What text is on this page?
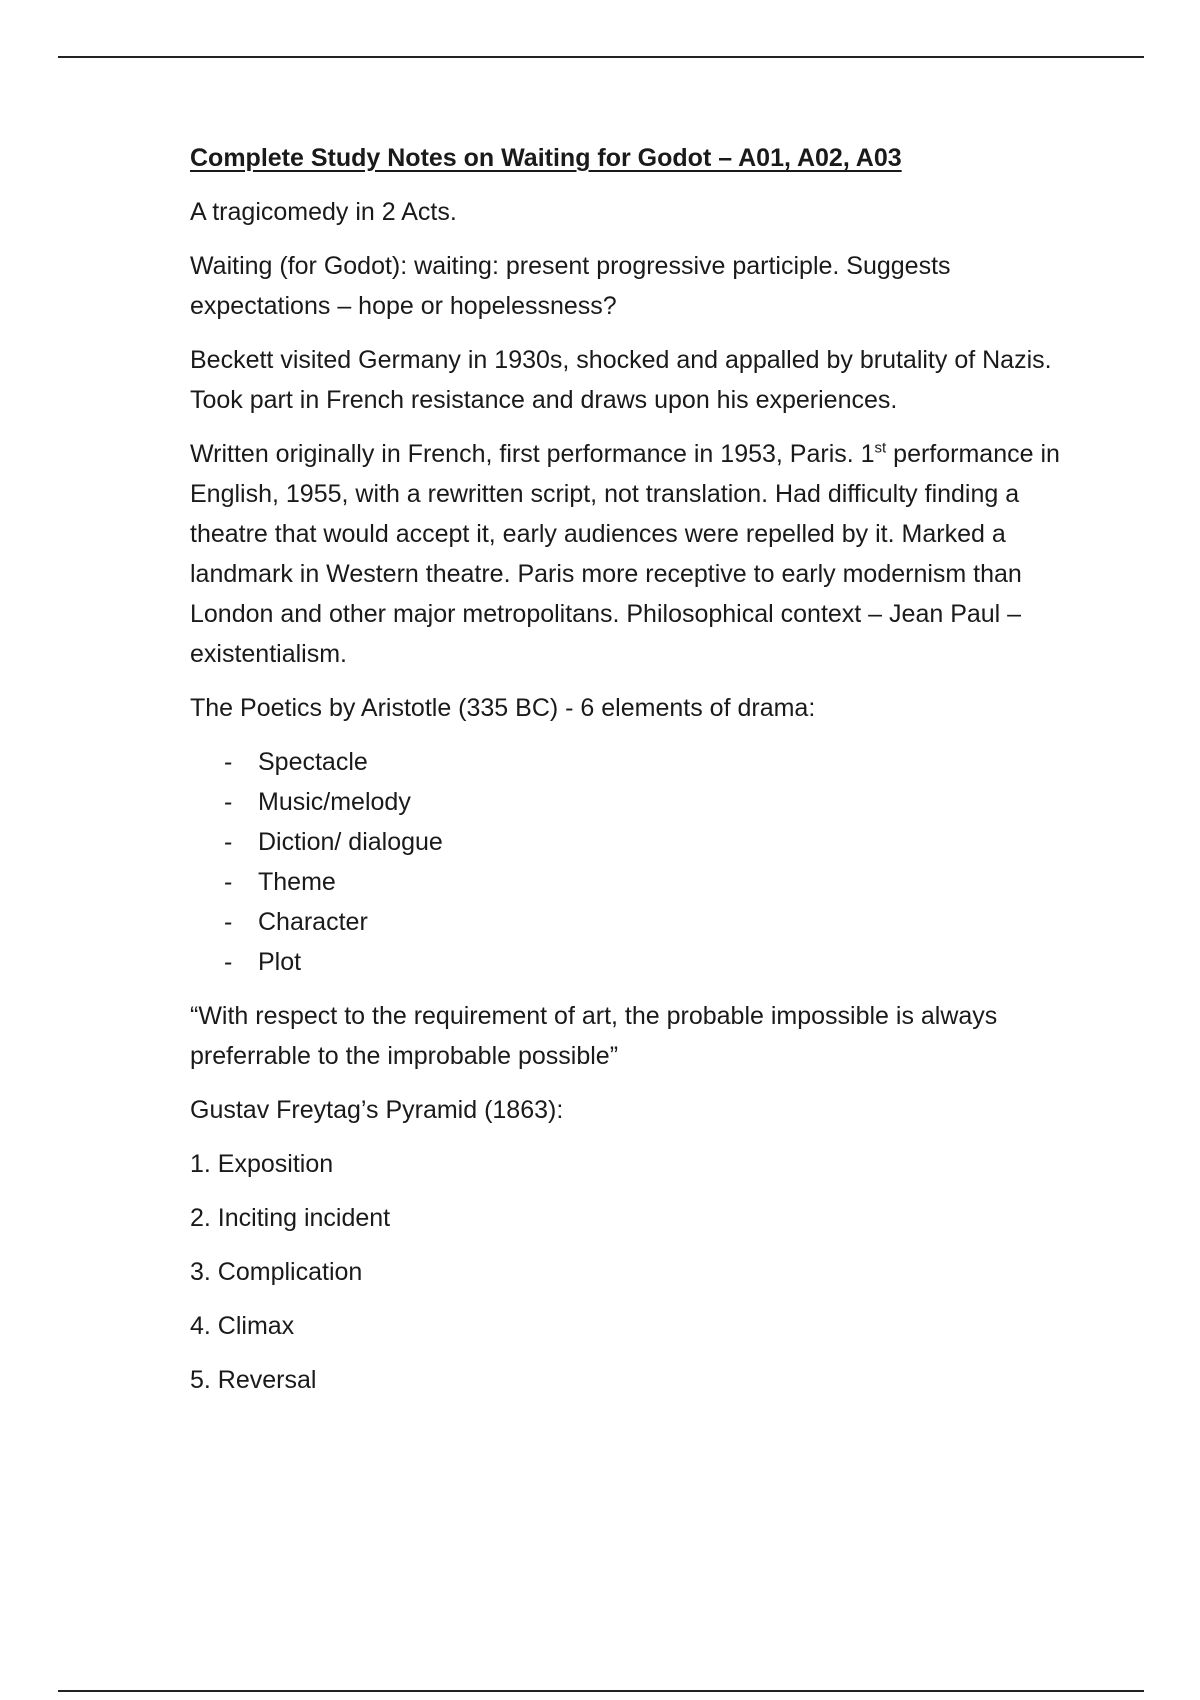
Complete Study Notes on Waiting for Godot – A01, A02, A03

A tragicomedy in 2 Acts.

Waiting (for Godot): waiting: present progressive participle. Suggests expectations – hope or hopelessness?

Beckett visited Germany in 1930s, shocked and appalled by brutality of Nazis. Took part in French resistance and draws upon his experiences.

Written originally in French, first performance in 1953, Paris. 1st performance in English, 1955, with a rewritten script, not translation. Had difficulty finding a theatre that would accept it, early audiences were repelled by it. Marked a landmark in Western theatre. Paris more receptive to early modernism than London and other major metropolitans. Philosophical context – Jean Paul – existentialism.

The Poetics by Aristotle (335 BC) - 6 elements of drama:

- Spectacle
- Music/melody
- Diction/ dialogue
- Theme
- Character
- Plot

“With respect to the requirement of art, the probable impossible is always preferrable to the improbable possible”

Gustav Freytag’s Pyramid (1863):

1. Exposition
2. Inciting incident
3. Complication
4. Climax
5. Reversal
